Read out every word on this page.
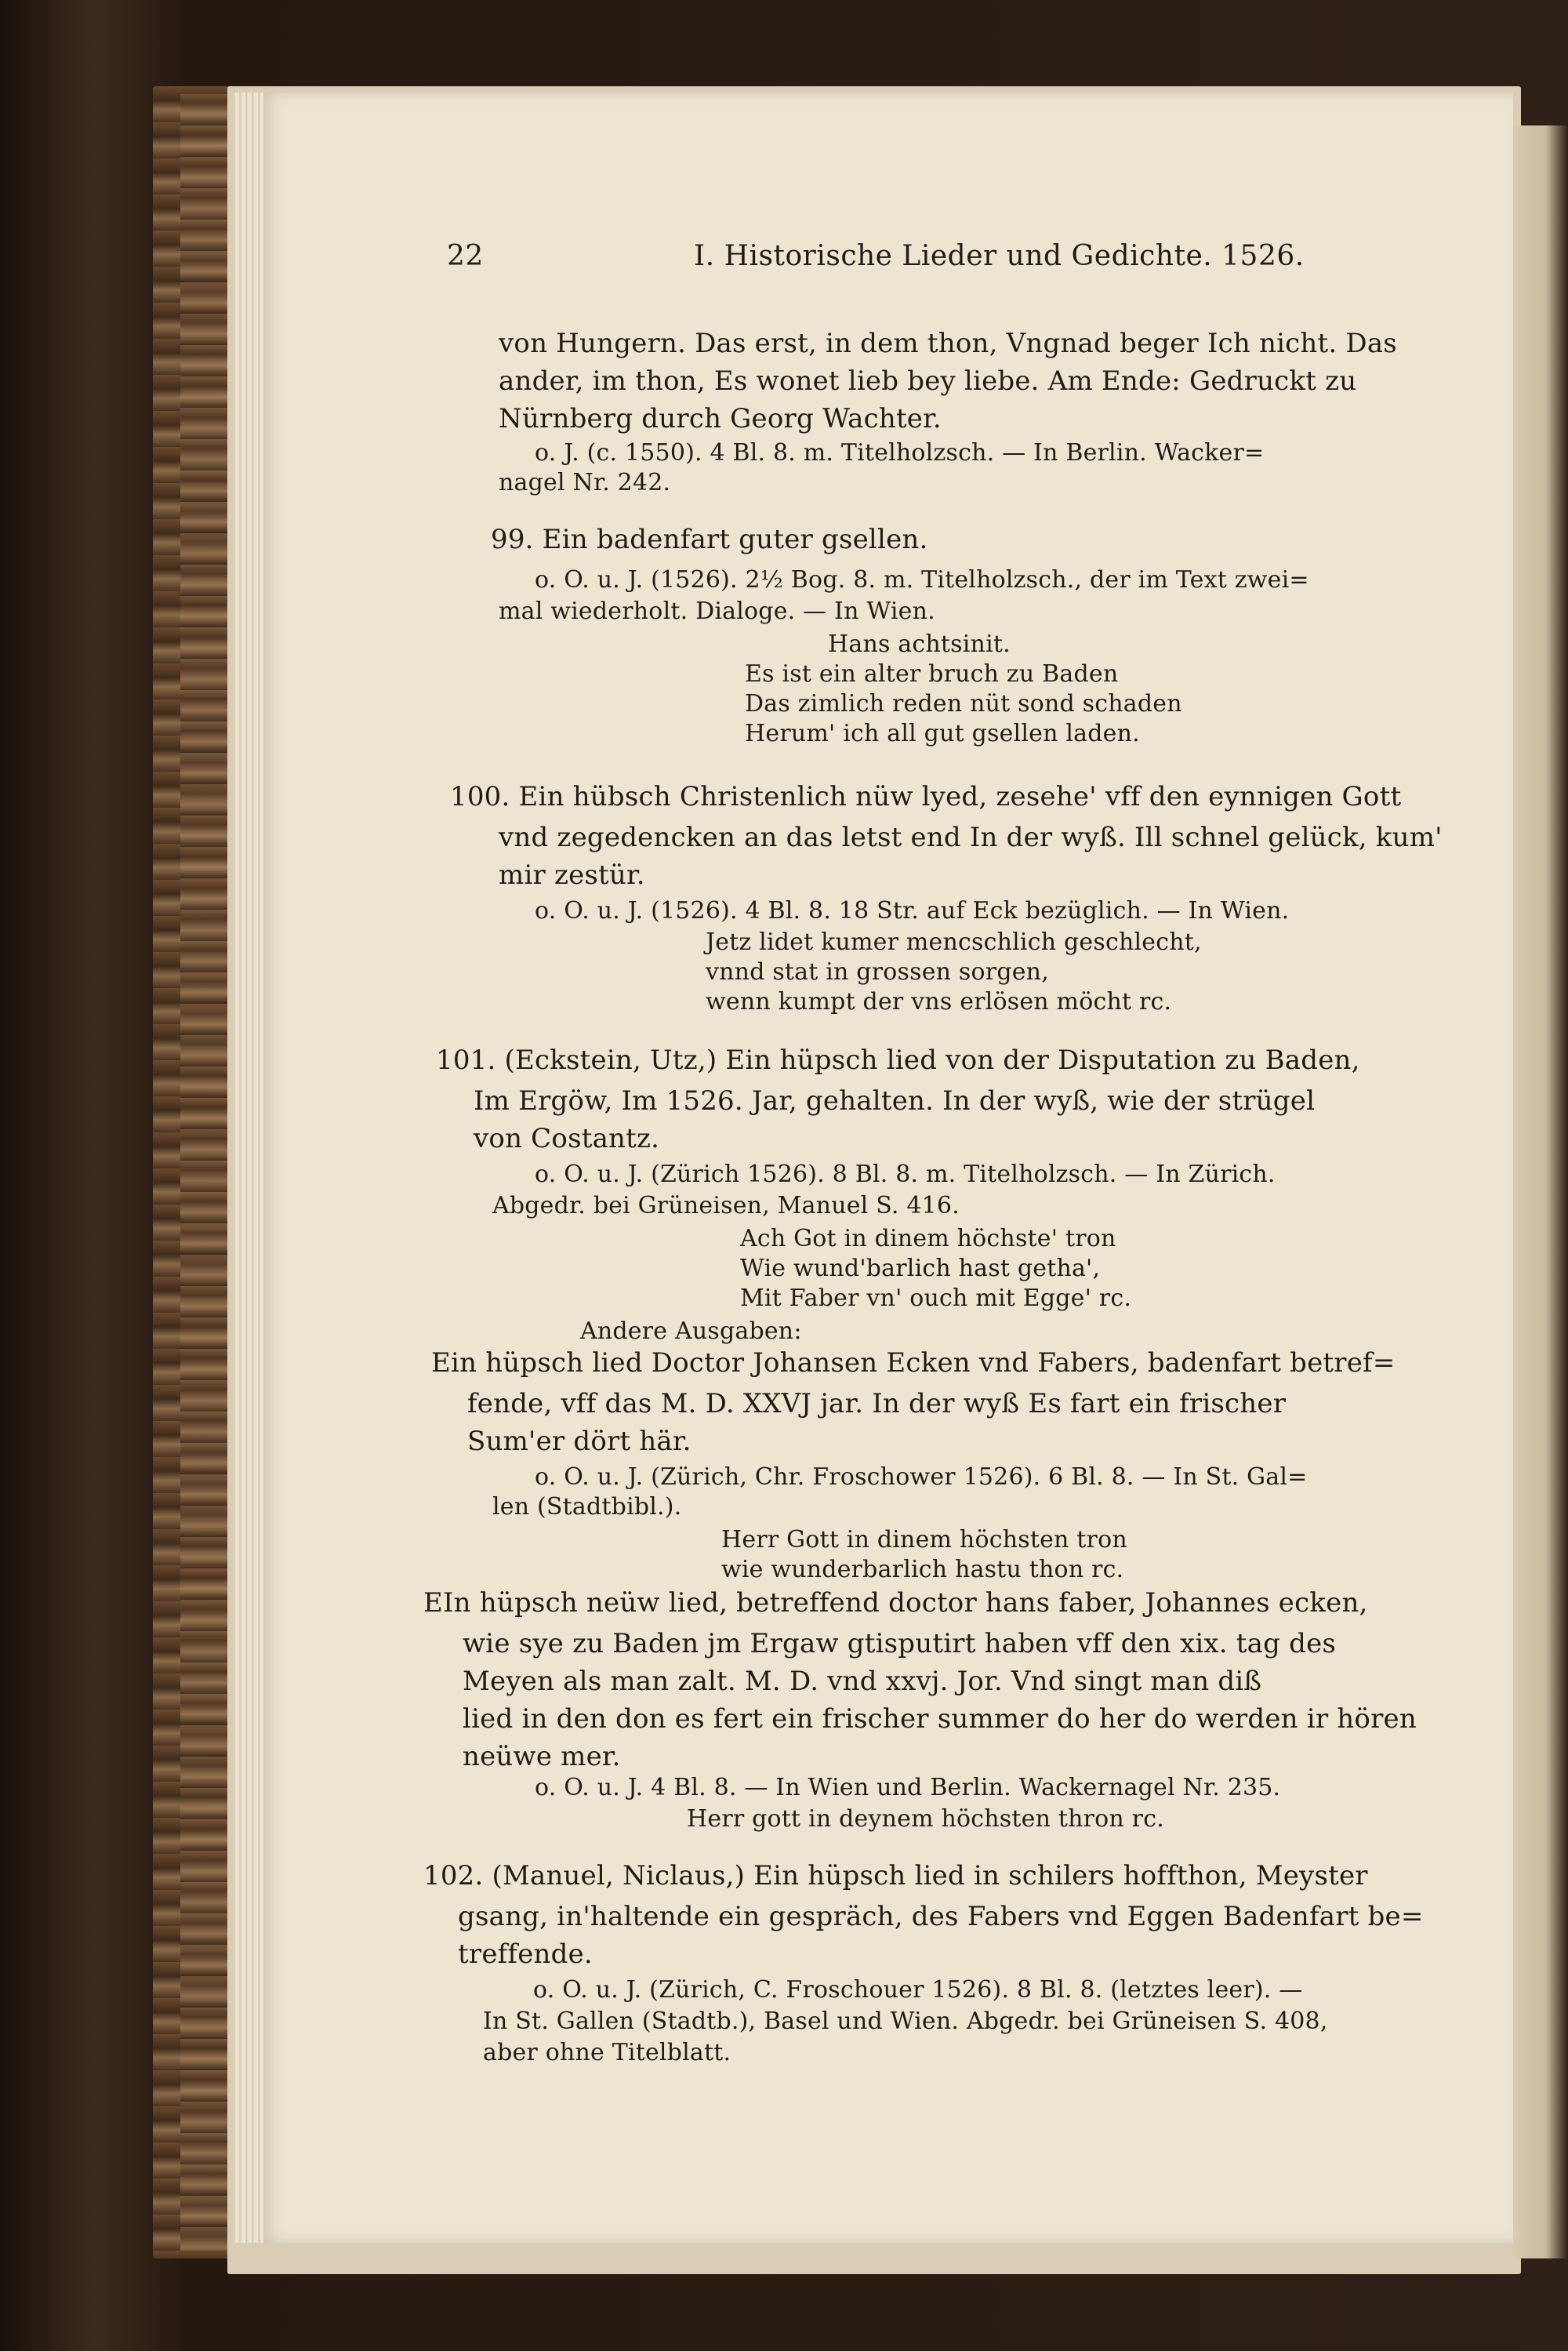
22	I. Historische Lieder und Gedichte. 1526.
von Hungern. Das erst, in dem thon, Vngnad beger Ich nicht. Das
ander, im thon, Es wonet lieb bey liebe. Am Ende: Gedruckt zu
Nürnberg durch Georg Wachter.
o. J. (c. 1550). 4 Bl. 8. m. Titelholzsch. — In Berlin. Wacker=
nagel Nr. 242.
99. Ein badenfart guter gsellen.
o. O. u. J. (1526). 2½ Bog. 8. m. Titelholzsch., der im Text zwei=
mal wiederholt. Dialoge. — In Wien.
Hans achtsinit.
Es ist ein alter bruch zu Baden
Das zimlich reden nüt sond schaden
Herum' ich all gut gsellen laden.
100. Ein hübsch Christenlich nüw lyed, zesehe' vff den eynnigen Gott
vnd zegedencken an das letst end In der wyß. Ill schnel gelück, kum'
mir zestür.
o. O. u. J. (1526). 4 Bl. 8. 18 Str. auf Eck bezüglich. — In Wien.
Jetz lidet kumer mencschlich geschlecht,
vnnd stat in grossen sorgen,
wenn kumpt der vns erlösen möcht rc.
101. (Eckstein, Utz,) Ein hüpsch lied von der Disputation zu Baden,
Im Ergöw, Im 1526. Jar, gehalten. In der wyß, wie der strügel
von Costantz.
o. O. u. J. (Zürich 1526). 8 Bl. 8. m. Titelholzsch. — In Zürich.
Abgedr. bei Grüneisen, Manuel S. 416.
Ach Got in dinem höchste' tron
Wie wund'barlich hast getha',
Mit Faber vn' ouch mit Egge' rc.
Andere Ausgaben:
Ein hüpsch lied Doctor Johansen Ecken vnd Fabers, badenfart betref=
fende, vff das M. D. XXVJ jar. In der wyß Es fart ein frischer
Sum'er dört här.
o. O. u. J. (Zürich, Chr. Froschower 1526). 6 Bl. 8. — In St. Gal=
len (Stadtbibl.).
Herr Gott in dinem höchsten tron
wie wunderbarlich hastu thon rc.
EIn hüpsch neüw lied, betreffend doctor hans faber, Johannes ecken,
wie sye zu Baden jm Ergaw gtisputirt haben vff den xix. tag des
Meyen als man zalt. M. D. vnd xxvj. Jor. Vnd singt man diß
lied in den don es fert ein frischer summer do her do werden ir hören
neüwe mer.
o. O. u. J. 4 Bl. 8. — In Wien und Berlin. Wackernagel Nr. 235.
Herr gott in deynem höchsten thron rc.
102. (Manuel, Niclaus,) Ein hüpsch lied in schilers hoffthon, Meyster
gsang, in'haltende ein gespräch, des Fabers vnd Eggen Badenfart be=
treffende.
o. O. u. J. (Zürich, C. Froschouer 1526). 8 Bl. 8. (letztes leer). —
In St. Gallen (Stadtb.), Basel und Wien. Abgedr. bei Grüneisen S. 408,
aber ohne Titelblatt.
